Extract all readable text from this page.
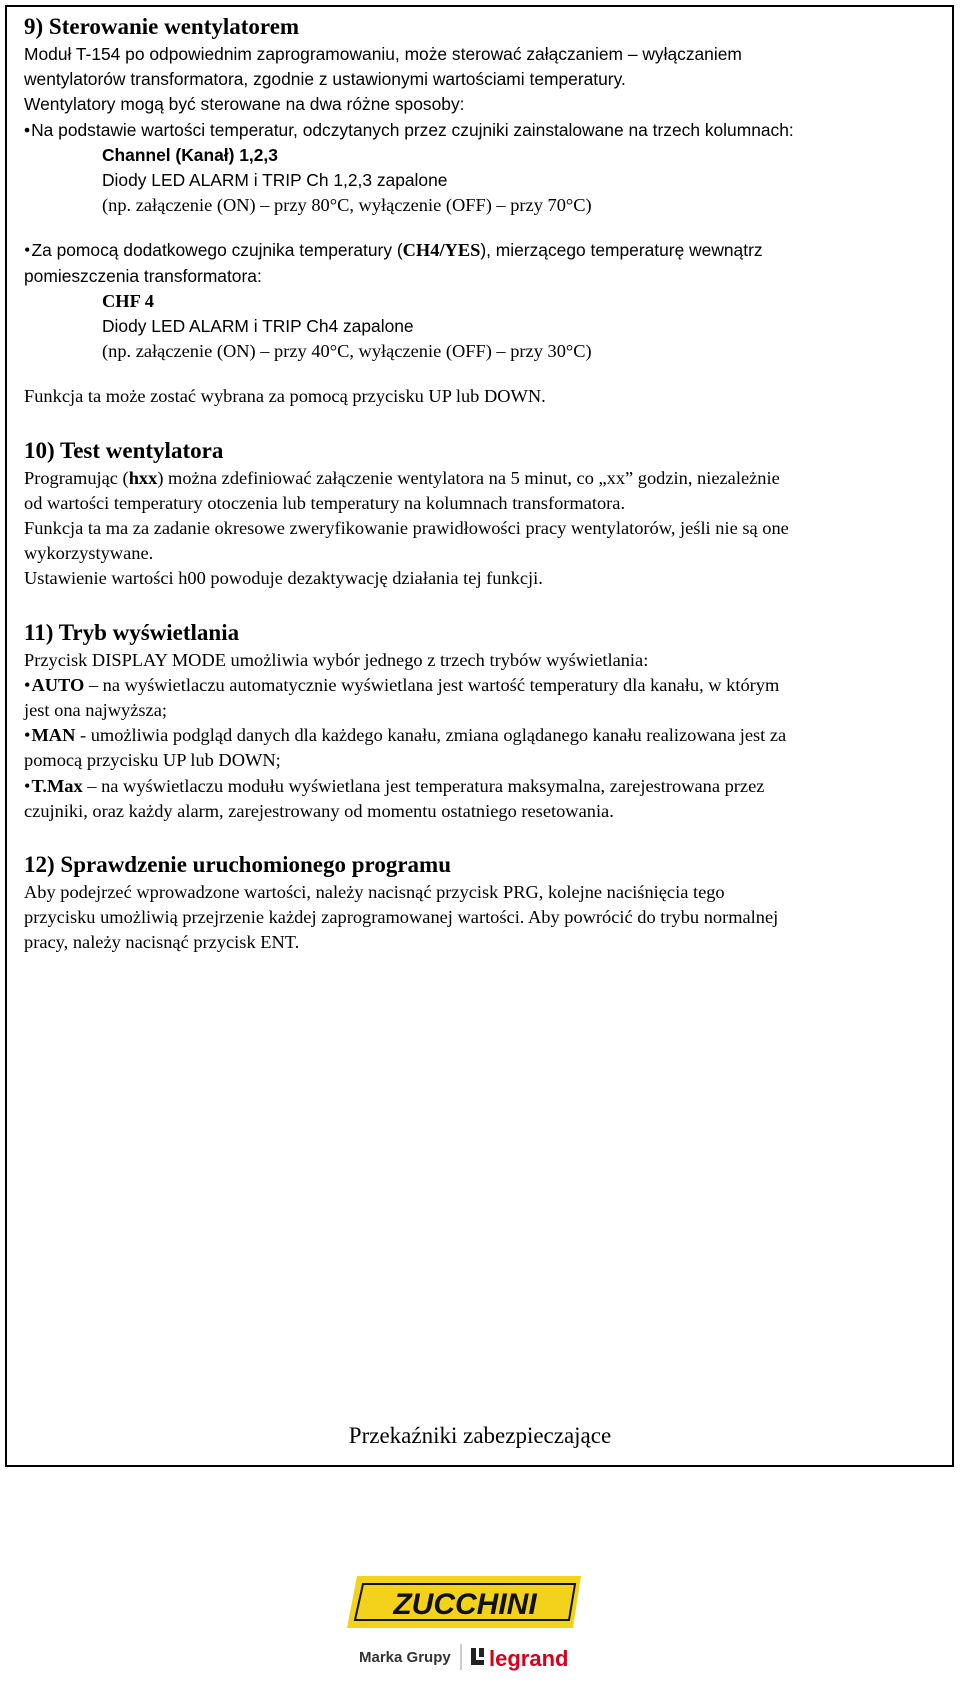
9) Sterowanie wentylatorem

Moduł T-154 po odpowiednim zaprogramowaniu, może sterować załączaniem – wyłączaniem

wentylatorów transformatora, zgodnie z ustawionymi wartościami temperatury.

Wentylatory mogą być sterowane na dwa różne sposoby:

• Na podstawie wartości temperatur, odczytanych przez czujniki zainstalowane na trzech kolumnach:

Channel (Kanał) 1,2,3

Diody LED ALARM i TRIP Ch 1,2,3 zapalone

(np. załączenie (ON) – przy 80°C, wyłączenie (OFF) – przy 70°C)

• Za pomocą dodatkowego czujnika temperatury (CH4/YES), mierzącego temperaturę wewnątrz

pomieszczenia transformatora:

CHF 4

Diody LED ALARM i TRIP Ch4 zapalone

(np. załączenie (ON) – przy 40°C, wyłączenie (OFF) – przy 30°C)

Funkcja ta może zostać wybrana za pomocą przycisku UP lub DOWN.

10) Test wentylatora

Programując (hxx) można zdefiniować załączenie wentylatora na 5 minut, co „xx” godzin, niezależnie

od wartości temperatury otoczenia lub temperatury na kolumnach transformatora.

Funkcja ta ma za zadanie okresowe zweryfikowanie prawidłowości pracy wentylatorów, jeśli nie są one

wykorzystywane.

Ustawienie wartości h00 powoduje dezaktywację działania tej funkcji.

11) Tryb wyświetlania

Przycisk DISPLAY MODE umożliwia wybór jednego z trzech trybów wyświetlania:

• AUTO – na wyświetlaczu automatycznie wyświetlana jest wartość temperatury dla kanału, w którym

jest ona najwyższa;

• MAN - umożliwia podgląd danych dla każdego kanału, zmiana oglądanego kanału realizowana jest za

pomocą przycisku UP lub DOWN;

• T.Max – na wyświetlaczu modułu wyświetlana jest temperatura maksymalna, zarejestrowana przez

czujniki, oraz każdy alarm, zarejestrowany od momentu ostatniego resetowania.

12) Sprawdzenie uruchomionego programu

Aby podejrzeć wprowadzone wartości, należy nacisnąć przycisk PRG, kolejne naciśnięcia tego

przycisku umożliwią przejrzenie każdej zaprogramowanej wartości. Aby powrócić do trybu normalnej

pracy, należy nacisnąć przycisk ENT.

Przekaźniki zabezpieczające
ZUCCHINI
Marka Grupy legrand
